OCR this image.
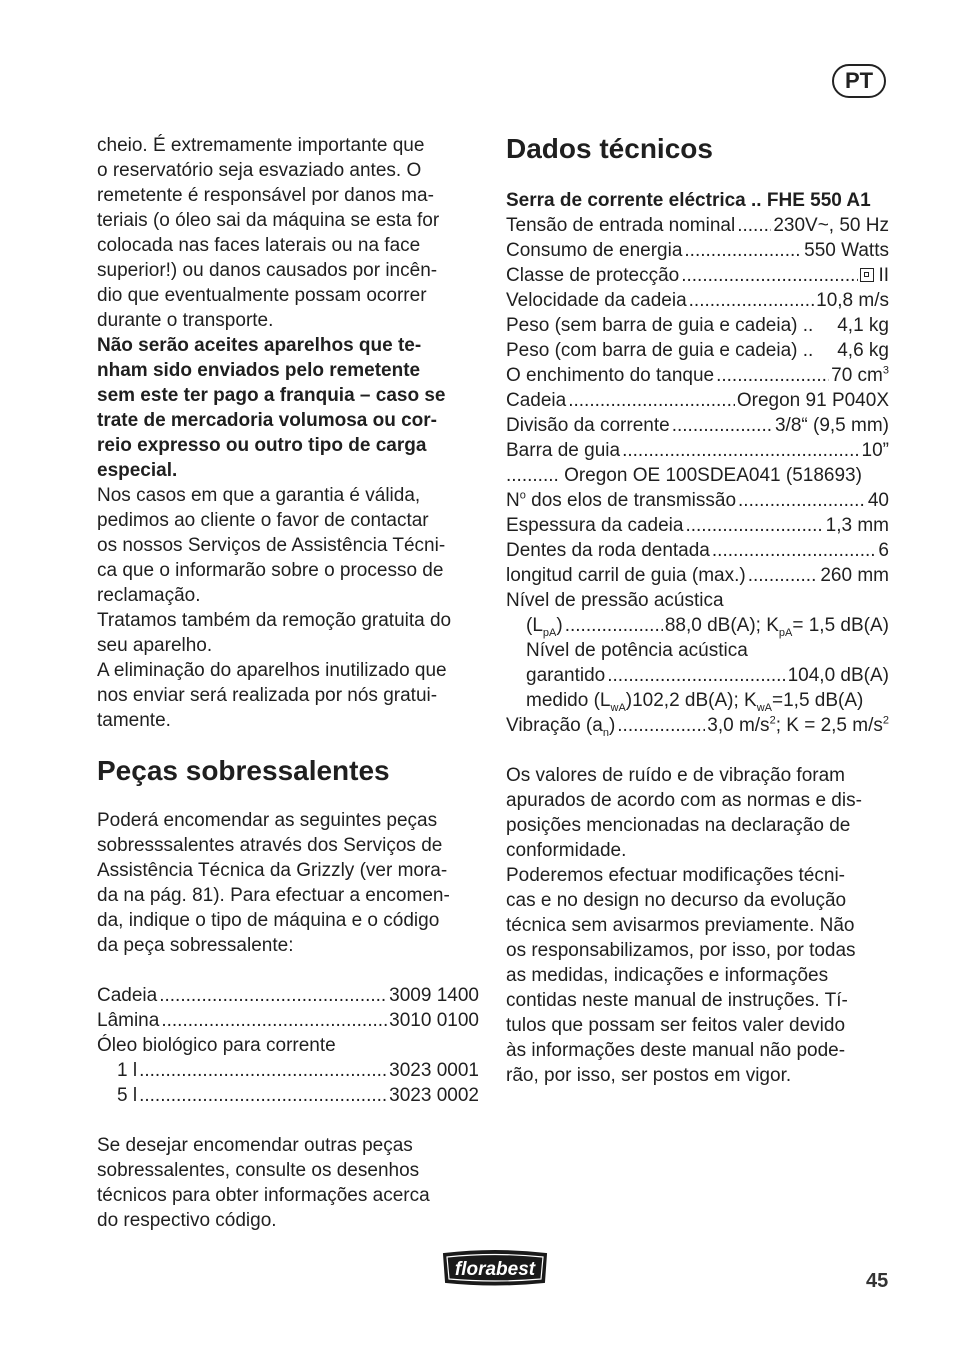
PT

cheio. É extremamente importante que

o reservatório seja esvaziado antes. O

remetente é responsável por danos ma-

teriais (o óleo sai da máquina se esta for

colocada nas faces laterais ou na face

superior!) ou danos causados por incên-

dio que eventualmente possam ocorrer

durante o transporte.

Não serão aceites aparelhos que te-

nham sido enviados pelo remetente

sem este ter pago a franquia – caso se

trate de mercadoria volumosa ou cor-

reio expresso ou outro tipo de carga

especial.

Nos casos em que a garantia é válida,

pedimos ao cliente o favor de contactar

os nossos Serviços de Assistência Técni-

ca que o informarão sobre o processo de

reclamação.

Tratamos também da remoção gratuita do

seu aparelho.

A eliminação do aparelhos inutilizado que

nos enviar será realizada por nós gratui-

tamente.

Peças sobressalentes

Poderá encomendar as seguintes peças

sobresssalentes através dos Serviços de

Assistência Técnica da Grizzly (ver mora-

da na pág. 81). Para efectuar a encomen-

da, indique o tipo de máquina e o código

da peça sobressalente:

Cadeia .....	3009 1400
Lâmina .....	3010 0100

Óleo biológico para corrente

1 l .....	3023 0001
5 l .....	3023 0002

Se desejar encomendar outras peças

sobressalentes, consulte os desenhos

técnicos para obter informações acerca

do respectivo código.

Dados técnicos
Serra de corrente eléctrica ..
FHE 550 A1
Tensão de entrada nominal ..... 230V~, 50 Hz
Consumo de energia .....	550 Watts
Classe de protecção .....	II
Velocidade da cadeia .....	10,8 m/s
Peso (sem barra de guia e cadeia) ..
4,1 kg
Peso (com barra de guia e cadeia) ..
4,6 kg
O enchimento do tanque .....	70 $cm^3$
Cadeia .....	Oregon 91 P040X
Divisão da corrente .....	3/8“ (9,5 mm)
Barra de guia .....	10”

.......... Oregon OE 100SDEA041 (518693)

$N^o$ dos elos de transmissão .....	40
Espessura da cadeia .....	1,3 mm
Dentes da roda dentada .....	6
longitud carril de guia (max.) .....	260 mm

Nível de pressão acústica

$(L_{pA})$ .....	88,0 dB(A); $K_{pA}= 1,5$ dB(A)

Nível de potência acústica

garantido .....	104,0 dB(A)
medido $(L_{wA})102,2$ dB(A); $K_{wA}=1,5$ dB(A)
Vibração $(a_n)$ .....	3,0 $m/s^2$; K = 2,5 $m/s^2$

Os valores de ruído e de vibração foram

apurados de acordo com as normas e dis-

posições mencionadas na declaração de

conformidade.

Poderemos efectuar modificações técni-

cas e no design no decurso da evolução

técnica sem avisarmos previamente. Não

os responsabilizamos, por isso, por todas

as medidas, indicações e informações

contidas neste manual de instruções. Tí-

tulos que possam ser feitos valer devido

às informações deste manual não pode-

rão, por isso, ser postos em vigor.

florabest
45
